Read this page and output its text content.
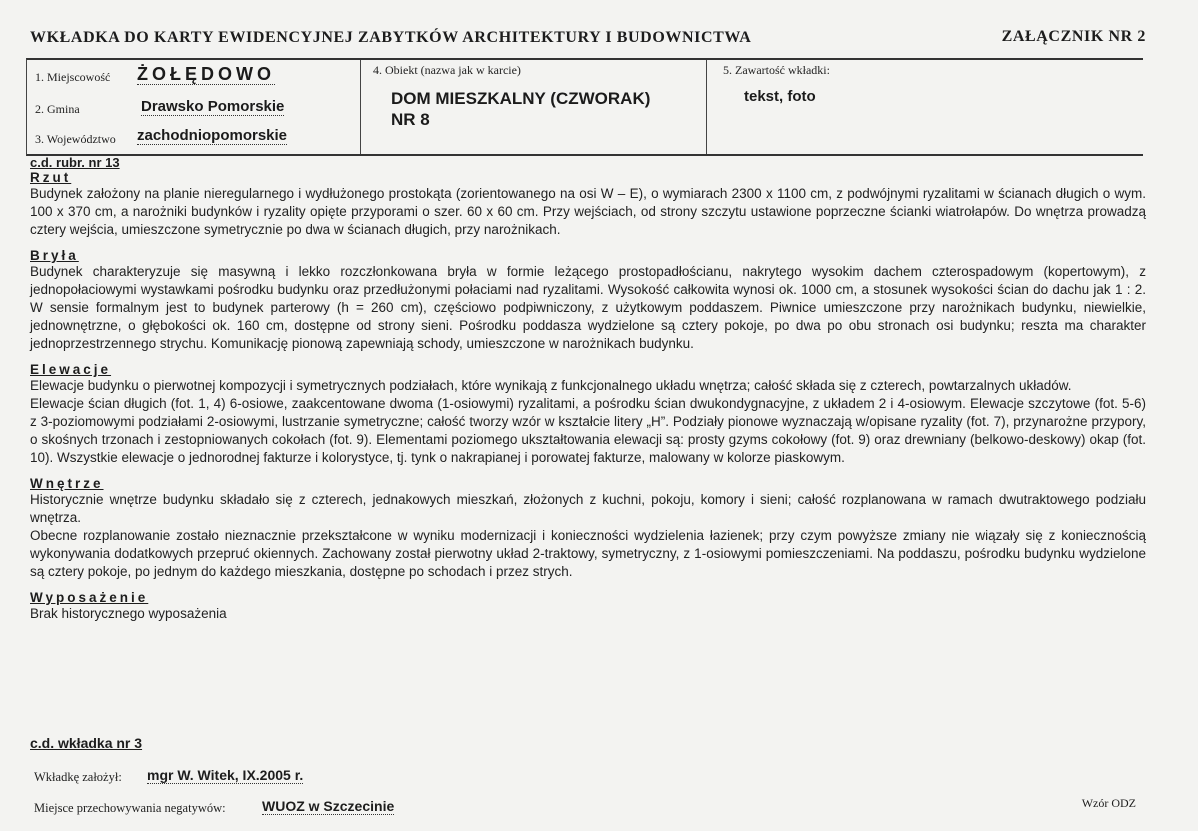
WKŁADKA DO KARTY EWIDENCYJNEJ ZABYTKÓW ARCHITEKTURY I BUDOWNICTWA	ZAŁĄCZNIK NR 2
1. Miejscowość ŻOŁĘDOWO
2. Gmina	Drawsko Pomorskie
3. Województwo zachodniopomorskie
4. Obiekt (nazwa jak w karcie)
DOM MIESZKALNY (CZWORAK)
NR 8
5. Zawartość wkładki:
tekst, foto
c.d. rubr. nr 13
Rzut

Budynek założony na planie nieregularnego i wydłużonego prostokąta (zorientowanego na osi W – E), o wymiarach 2300 x 1100 cm, z podwójnymi ryzalitami w ścianach długich o wym. 100 x 370 cm, a narożniki budynków i ryzality opięte przyporami o szer. 60 x 60 cm. Przy wejściach, od strony szczytu ustawione poprzeczne ścianki wiatrołapów. Do wnętrza prowadzą cztery wejścia, umieszczone symetrycznie po dwa w ścianach długich, przy narożnikach.

Bryła

Budynek charakteryzuje się masywną i lekko rozczłonkowana bryła w formie leżącego prostopadłościanu, nakrytego wysokim dachem czterospadowym (kopertowym), z jednopołaciowymi wystawkami pośrodku budynku oraz przedłużonymi połaciami nad ryzalitami. Wysokość całkowita wynosi ok. 1000 cm, a stosunek wysokości ścian do dachu jak 1 : 2. W sensie formalnym jest to budynek parterowy (h = 260 cm), częściowo podpiwniczony, z użytkowym poddaszem. Piwnice umieszczone przy narożnikach budynku, niewielkie, jednownętrzne, o głębokości ok. 160 cm, dostępne od strony sieni. Pośrodku poddasza wydzielone są cztery pokoje, po dwa po obu stronach osi budynku; reszta ma charakter jednoprzestrzennego strychu. Komunikację pionową zapewniają schody, umieszczone w narożnikach budynku.

Elewacje

Elewacje budynku o pierwotnej kompozycji i symetrycznych podziałach, które wynikają z funkcjonalnego układu wnętrza; całość składa się z czterech, powtarzalnych układów.

Elewacje ścian długich (fot. 1, 4) 6-osiowe, zaakcentowane dwoma (1-osiowymi) ryzalitami, a pośrodku ścian dwukondygnacyjne, z układem 2 i 4-osiowym. Elewacje szczytowe (fot. 5-6) z 3-poziomowymi podziałami 2-osiowymi, lustrzanie symetryczne; całość tworzy wzór w kształcie litery „H”. Podziały pionowe wyznaczają w/opisane ryzality (fot. 7), przynarożne przypory, o skośnych trzonach i zestopniowanych cokołach (fot. 9). Elementami poziomego ukształtowania elewacji są: prosty gzyms cokołowy (fot. 9) oraz drewniany (belkowo-deskowy) okap (fot. 10). Wszystkie elewacje o jednorodnej fakturze i kolorystyce, tj. tynk o nakrapianej i porowatej fakturze, malowany w kolorze piaskowym.

Wnętrze

Historycznie wnętrze budynku składało się z czterech, jednakowych mieszkań, złożonych z kuchni, pokoju, komory i sieni; całość rozplanowana w ramach dwutraktowego podziału wnętrza.

Obecne rozplanowanie zostało nieznacznie przekształcone w wyniku modernizacji i konieczności wydzielenia łazienek; przy czym powyższe zmiany nie wiązały się z koniecznością wykonywania dodatkowych przepruć okiennych. Zachowany został pierwotny układ 2-traktowy, symetryczny, z 1-osiowymi pomieszczeniami. Na poddaszu, pośrodku budynku wydzielone są cztery pokoje, po jednym do każdego mieszkania, dostępne po schodach i przez strych.

Wyposażenie

Brak historycznego wyposażenia

c.d. wkładka nr 3
Wkładkę założył: mgr W. Witek, IX.2005 r.
Miejsce przechowywania negatywów:	WUOZ w Szczecinie	Wzór ODZ
